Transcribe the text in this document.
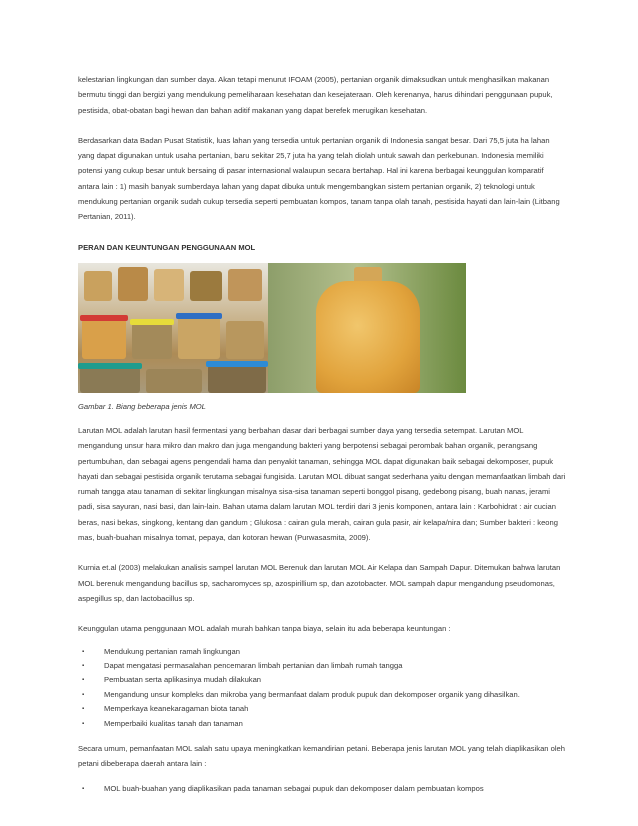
kelestarian lingkungan dan sumber daya. Akan tetapi menurut IFOAM (2005), pertanian organik dimaksudkan untuk menghasilkan makanan bermutu tinggi dan bergizi yang mendukung pemeliharaan kesehatan dan kesejateraan. Oleh kerenanya, harus dihindari penggunaan pupuk, pestisida, obat-obatan bagi hewan dan bahan aditif makanan yang dapat berefek merugikan kesehatan.

Berdasarkan data Badan Pusat Statistik, luas lahan yang tersedia untuk pertanian organik di Indonesia sangat besar. Dari 75,5 juta ha lahan yang dapat digunakan untuk usaha pertanian, baru sekitar 25,7 juta ha yang telah diolah untuk sawah dan perkebunan. Indonesia memiliki potensi yang cukup besar untuk bersaing di pasar internasional walaupun secara bertahap. Hal ini karena berbagai keunggulan komparatif antara lain : 1) masih banyak sumberdaya lahan yang dapat dibuka untuk mengembangkan sistem pertanian organik, 2) teknologi untuk mendukung pertanian organik sudah cukup tersedia seperti pembuatan kompos, tanam tanpa olah tanah, pestisida hayati dan lain-lain (Litbang Pertanian, 2011).

PERAN DAN KEUNTUNGAN PENGGUNAAN MOL

Gambar 1. Biang beberapa jenis MOL

Larutan MOL adalah larutan hasil fermentasi yang berbahan dasar dari berbagai sumber daya yang tersedia setempat. Larutan MOL mengandung unsur hara mikro dan makro dan juga mengandung bakteri yang berpotensi sebagai perombak bahan organik, perangsang pertumbuhan, dan sebagai agens pengendali hama dan penyakit tanaman, sehingga MOL dapat digunakan baik sebagai dekomposer, pupuk hayati dan sebagai pestisida organik terutama sebagai fungisida. Larutan MOL dibuat sangat sederhana yaitu dengan memanfaatkan limbah dari rumah tangga atau tanaman di sekitar lingkungan misalnya sisa-sisa tanaman seperti bonggol pisang, gedebong pisang, buah nanas, jerami padi, sisa sayuran, nasi basi, dan lain-lain. Bahan utama dalam larutan MOL terdiri dari 3 jenis komponen, antara lain : Karbohidrat : air cucian beras, nasi bekas, singkong, kentang dan gandum ; Glukosa : cairan gula merah, cairan gula pasir, air kelapa/nira dan; Sumber bakteri : keong mas, buah-buahan misalnya tomat, pepaya, dan kotoran hewan (Purwasasmita, 2009).

Kurnia et.al (2003) melakukan analisis sampel larutan MOL Berenuk dan larutan MOL Air Kelapa dan Sampah Dapur. Ditemukan bahwa larutan MOL berenuk mengandung bacillus sp, sacharomyces sp, azospirillium sp, dan azotobacter. MOL sampah dapur mengandung pseudomonas, aspegillus sp, dan lactobacillus sp.

Keunggulan utama penggunaan MOL adalah murah bahkan tanpa biaya, selain itu ada beberapa keuntungan :

▪	Mendukung pertanian ramah lingkungan
▪	Dapat mengatasi permasalahan pencemaran limbah pertanian dan limbah rumah tangga
▪	Pembuatan serta aplikasinya mudah dilakukan
▪	Mengandung unsur kompleks dan mikroba yang bermanfaat dalam produk pupuk dan dekomposer organik yang dihasilkan.
▪	Memperkaya keanekaragaman biota tanah
▪	Memperbaiki kualitas tanah dan tanaman

Secara umum, pemanfaatan MOL salah satu upaya meningkatkan kemandirian petani. Beberapa jenis larutan MOL yang telah diaplikasikan oleh petani dibeberapa daerah antara lain :

▪	MOL buah-buahan yang diaplikasikan pada tanaman sebagai pupuk dan dekomposer dalam pembuatan kompos
